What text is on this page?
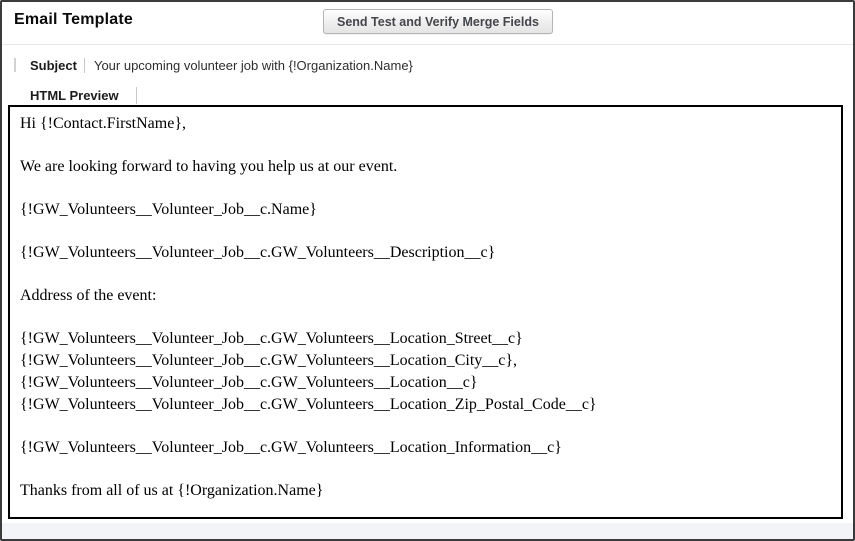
Email Template	Send Test and Verify Merge Fields
Subject Your upcoming volunteer job with {!Organization.Name}
HTML Preview

Hi {!Contact.FirstName},

We are looking forward to having you help us at our event.

{!GW_Volunteers__Volunteer_Job__c.Name}

{!GW_Volunteers__Volunteer_Job__c.GW_Volunteers__Description__c}

Address of the event:

{!GW_Volunteers__Volunteer_Job__c.GW_Volunteers__Location_Street__c}
{!GW_Volunteers__Volunteer_Job__c.GW_Volunteers__Location_City__c},
{!GW_Volunteers__Volunteer_Job__c.GW_Volunteers__Location__c}
{!GW_Volunteers__Volunteer_Job__c.GW_Volunteers__Location_Zip_Postal_Code__c}

{!GW_Volunteers__Volunteer_Job__c.GW_Volunteers__Location_Information__c}

Thanks from all of us at {!Organization.Name}
